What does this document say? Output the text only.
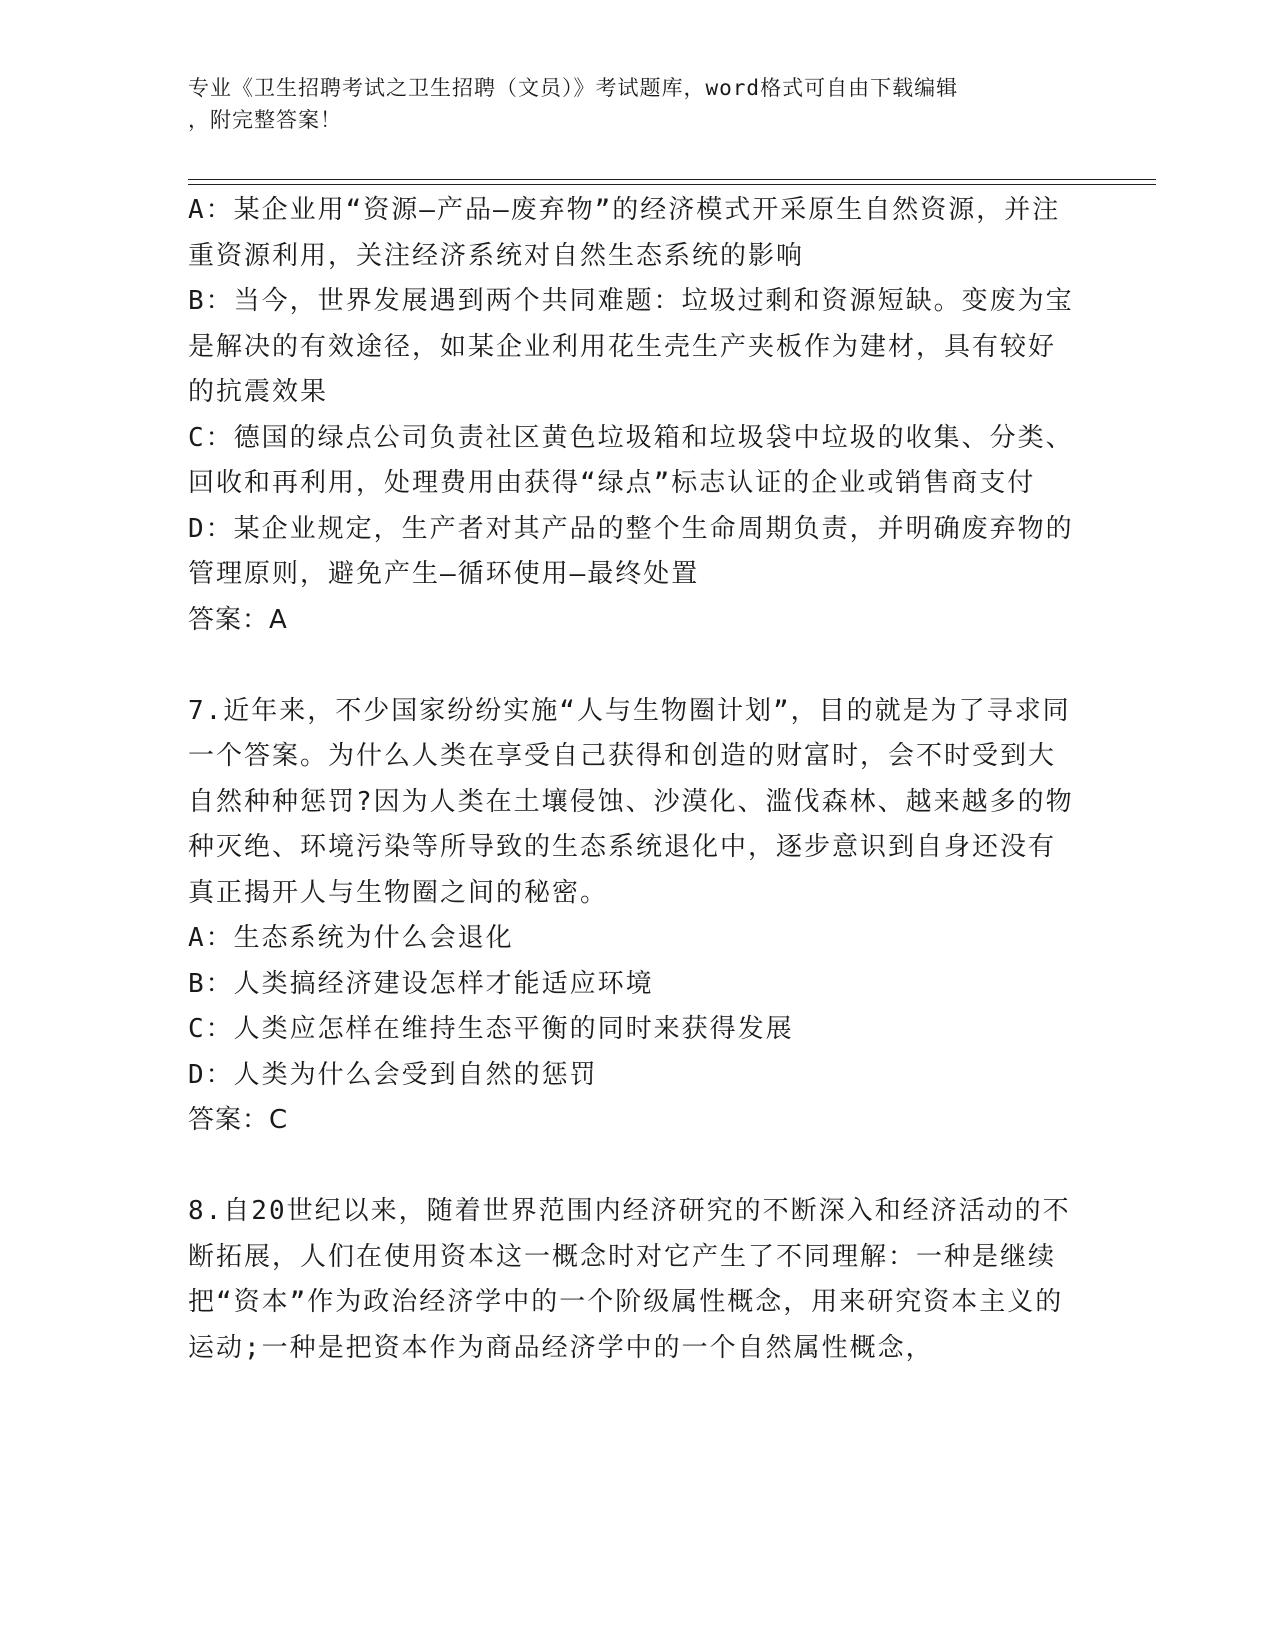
专业《卫生招聘考试之卫生招聘（文员）》考试题库，word格式可自由下载编辑
，附完整答案！

A：某企业用“资源—产品—废弃物”的经济模式开采原生自然资源，并注重资源利用，关注经济系统对自然生态系统的影响

B：当今，世界发展遇到两个共同难题：垃圾过剩和资源短缺。变废为宝是解决的有效途径，如某企业利用花生壳生产夹板作为建材，具有较好的抗震效果

C：德国的绿点公司负责社区黄色垃圾箱和垃圾袋中垃圾的收集、分类、回收和再利用，处理费用由获得“绿点”标志认证的企业或销售商支付

D：某企业规定，生产者对其产品的整个生命周期负责，并明确废弃物的管理原则，避免产生—循环使用—最终处置

答案：A

7.近年来，不少国家纷纷实施“人与生物圈计划”，目的就是为了寻求同一个答案。为什么人类在享受自己获得和创造的财富时，会不时受到大自然种种惩罚?因为人类在土壤侵蚀、沙漠化、滥伐森林、越来越多的物种灭绝、环境污染等所导致的生态系统退化中，逐步意识到自身还没有真正揭开人与生物圈之间的秘密。

A：生态系统为什么会退化

B：人类搞经济建设怎样才能适应环境

C：人类应怎样在维持生态平衡的同时来获得发展

D：人类为什么会受到自然的惩罚

答案：C

8.自20世纪以来，随着世界范围内经济研究的不断深入和经济活动的不断拓展，人们在使用资本这一概念时对它产生了不同理解：一种是继续把“资本”作为政治经济学中的一个阶级属性概念，用来研究资本主义的运动;一种是把资本作为商品经济学中的一个自然属性概念，
